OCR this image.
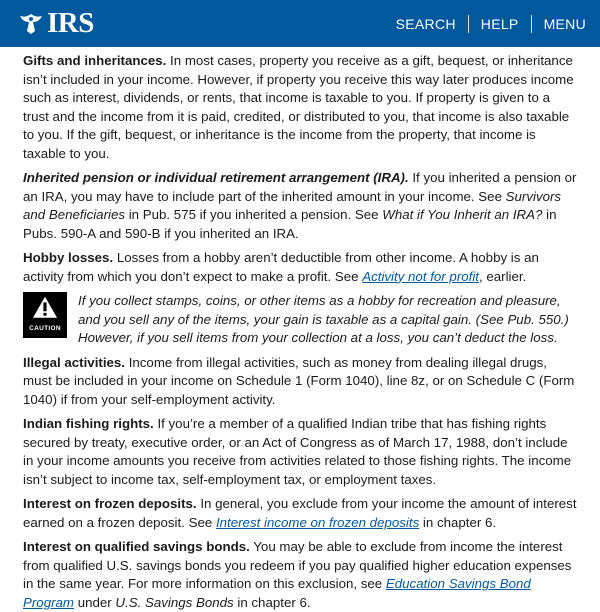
IRS	SEARCH	HELP	MENU

Gifts and inheritances. In most cases, property you receive as a gift, bequest, or inheritance isn’t included in your income. However, if property you receive this way later produces income such as interest, dividends, or rents, that income is taxable to you. If property is given to a trust and the income from it is paid, credited, or distributed to you, that income is also taxable to you. If the gift, bequest, or inheritance is the income from the property, that income is taxable to you.

Inherited pension or individual retirement arrangement (IRA). If you inherited a pension or an IRA, you may have to include part of the inherited amount in your income. See Survivors and Beneficiaries in Pub. 575 if you inherited a pension. See What if You Inherit an IRA? in Pubs. 590-A and 590-B if you inherited an IRA.

Hobby losses. Losses from a hobby aren’t deductible from other income. A hobby is an activity from which you don’t expect to make a profit. See Activity not for profit, earlier.

CAUTION
If you collect stamps, coins, or other items as a hobby for recreation and pleasure, and you sell any of the items, your gain is taxable as a capital gain. (See Pub. 550.) However, if you sell items from your collection at a loss, you can’t deduct the loss.

Illegal activities. Income from illegal activities, such as money from dealing illegal drugs, must be included in your income on Schedule 1 (Form 1040), line 8z, or on Schedule C (Form 1040) if from your self-employment activity.

Indian fishing rights. If you’re a member of a qualified Indian tribe that has fishing rights secured by treaty, executive order, or an Act of Congress as of March 17, 1988, don’t include in your income amounts you receive from activities related to those fishing rights. The income isn’t subject to income tax, self-employment tax, or employment taxes.

Interest on frozen deposits. In general, you exclude from your income the amount of interest earned on a frozen deposit. See Interest income on frozen deposits in chapter 6.

Interest on qualified savings bonds. You may be able to exclude from income the interest from qualified U.S. savings bonds you redeem if you pay qualified higher education expenses in the same year. For more information on this exclusion, see Education Savings Bond Program under U.S. Savings Bonds in chapter 6.
